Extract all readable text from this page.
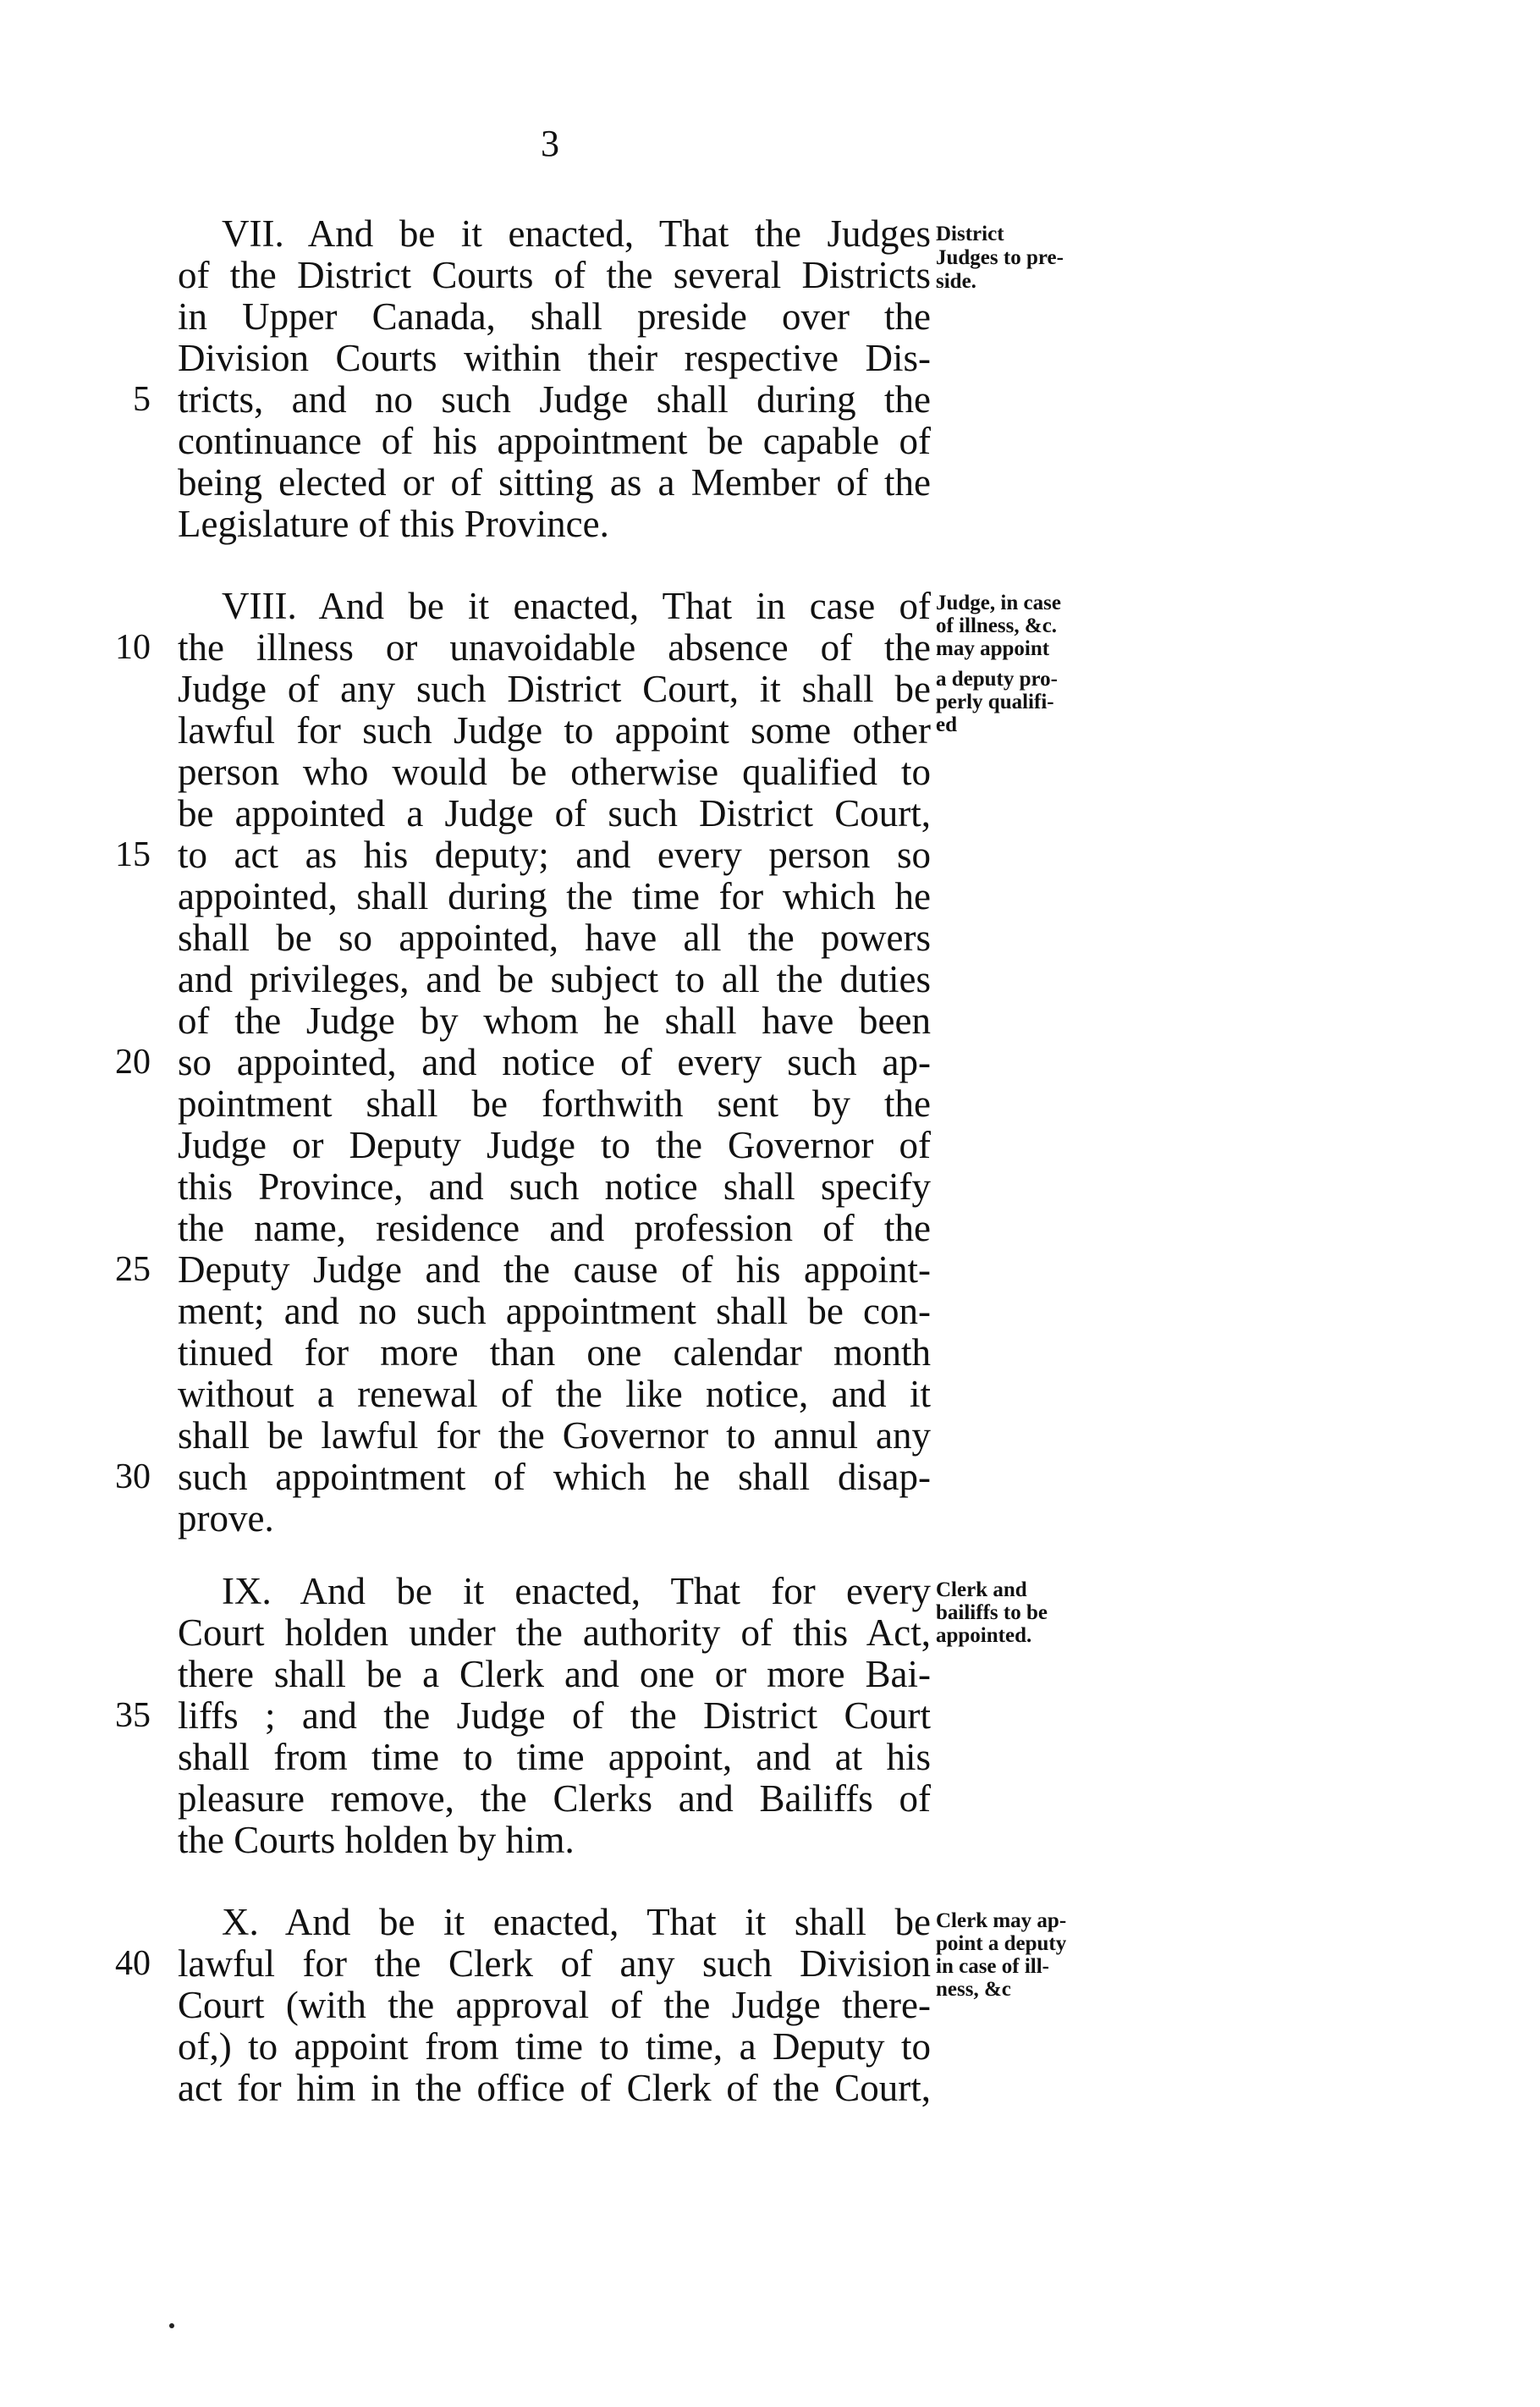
3
VII. And be it enacted, That the Judges
of the District Courts of the several Districts
in Upper Canada, shall preside over the
Division Courts within their respective Dis-
tricts, and no such Judge shall during the
continuance of his appointment be capable of
being elected or of sitting as a Member of the
Legislature of this Province.
District
Judges to pre-
side.
VIII. And be it enacted, That in case of
the illness or unavoidable absence of the
Judge of any such District Court, it shall be
lawful for such Judge to appoint some other
person who would be otherwise qualified to
be appointed a Judge of such District Court,
to act as his deputy; and every person so
appointed, shall during the time for which he
shall be so appointed, have all the powers
and privileges, and be subject to all the duties
of the Judge by whom he shall have been
so appointed, and notice of every such ap-
pointment shall be forthwith sent by the
Judge or Deputy Judge to the Governor of
this Province, and such notice shall specify
the name, residence and profession of the
Deputy Judge and the cause of his appoint-
ment; and no such appointment shall be con-
tinued for more than one calendar month
without a renewal of the like notice, and it
shall be lawful for the Governor to annul any
such appointment of which he shall disap-
prove.
Judge, in case
of illness, &c.
may appoint
a deputy pro-
perly qualifi-
ed
IX. And be it enacted, That for every
Court holden under the authority of this Act,
there shall be a Clerk and one or more Bai-
liffs ; and the Judge of the District Court
shall from time to time appoint, and at his
pleasure remove, the Clerks and Bailiffs of
the Courts holden by him.
Clerk and
bailiffs to be
appointed.
X. And be it enacted, That it shall be
lawful for the Clerk of any such Division
Court (with the approval of the Judge there-
of,) to appoint from time to time, a Deputy to
act for him in the office of Clerk of the Court,
Clerk may ap-
point a deputy
in case of ill-
ness, &c
5
10
15
20
25
30
35
40
